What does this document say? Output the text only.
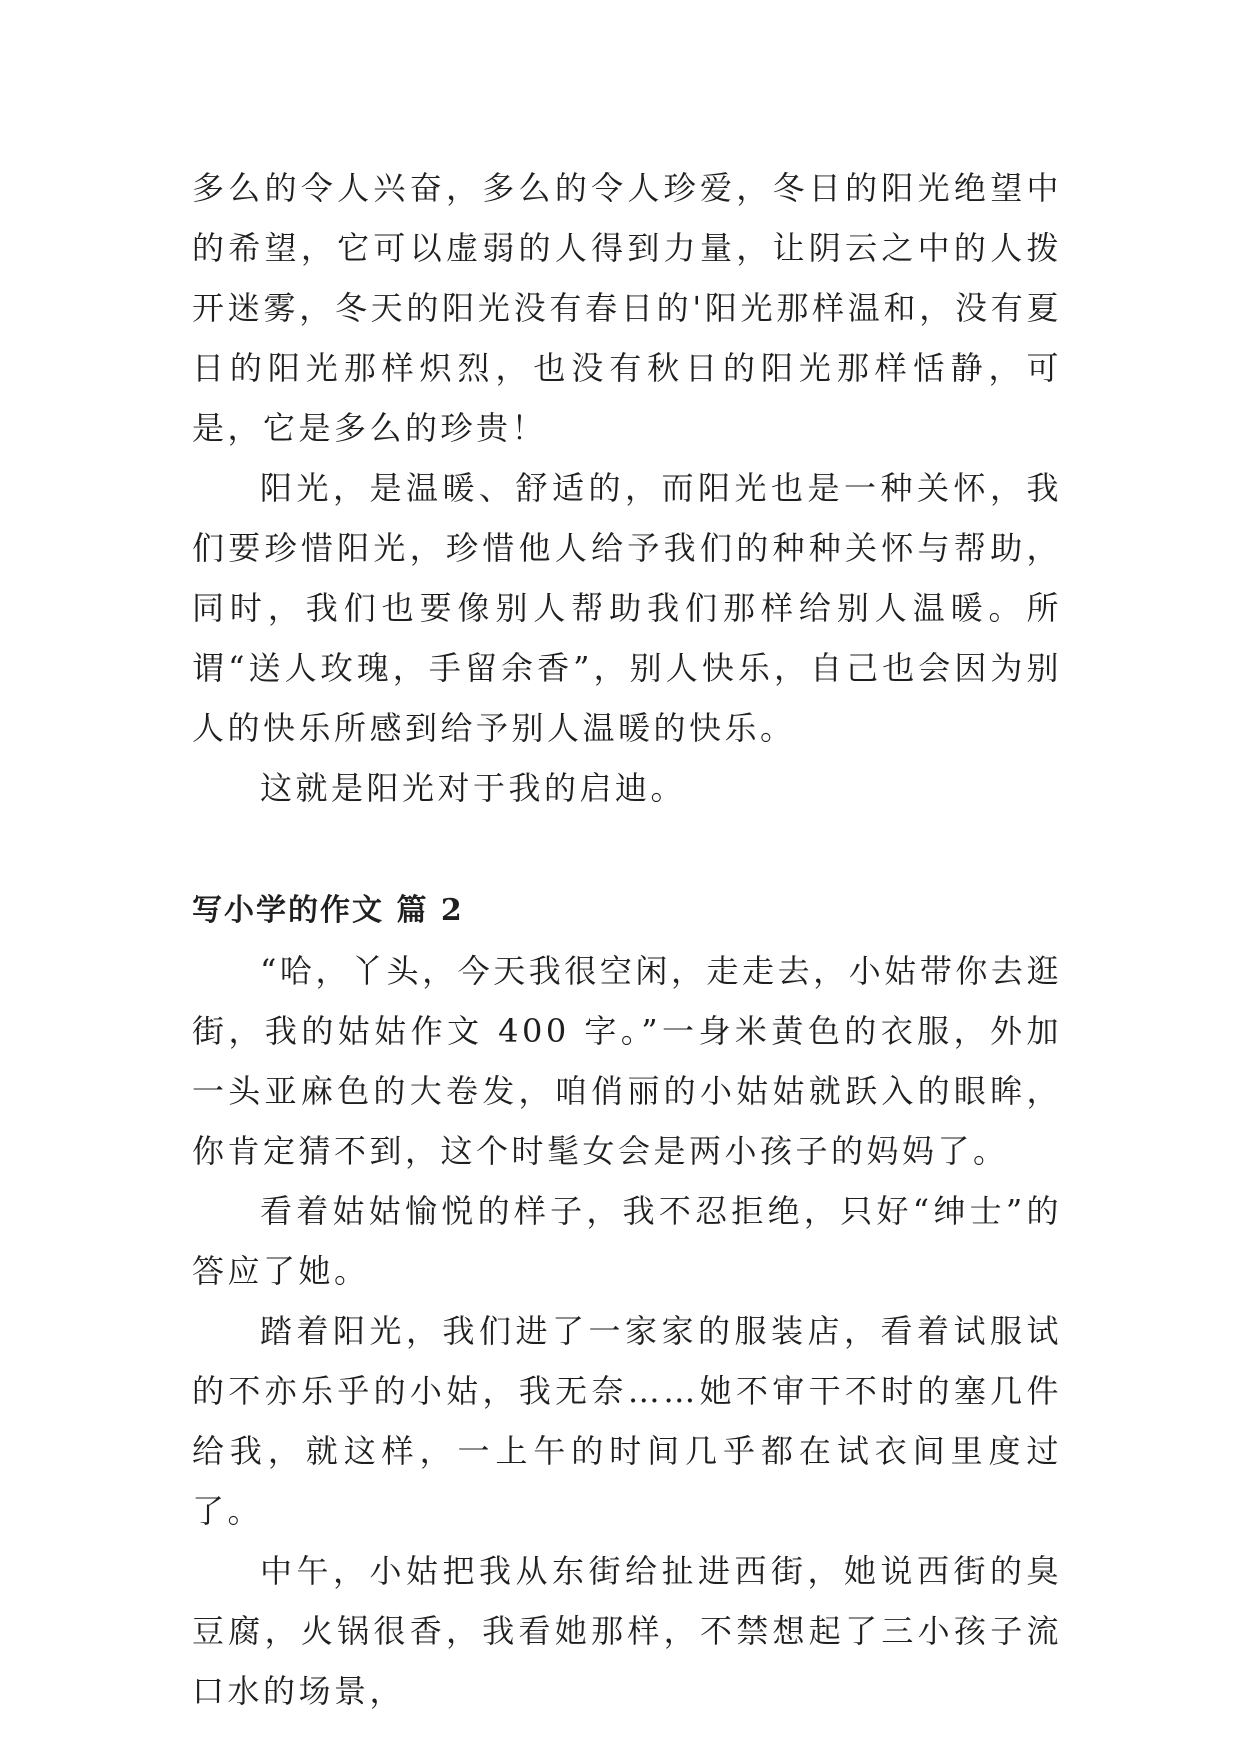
多么的令人兴奋，多么的令人珍爱，冬日的阳光绝望中的希望，它可以虚弱的人得到力量，让阴云之中的人拨开迷雾，冬天的阳光没有春日的'阳光那样温和，没有夏日的阳光那样炽烈，也没有秋日的阳光那样恬静，可是，它是多么的珍贵！

阳光，是温暖、舒适的，而阳光也是一种关怀，我们要珍惜阳光，珍惜他人给予我们的种种关怀与帮助，同时，我们也要像别人帮助我们那样给别人温暖。所谓“送人玫瑰，手留余香”，别人快乐，自己也会因为别人的快乐所感到给予别人温暖的快乐。

这就是阳光对于我的启迪。

写小学的作文 篇 2

“哈，丫头，今天我很空闲，走走去，小姑带你去逛街，我的姑姑作文 400 字。”一身米黄色的衣服，外加一头亚麻色的大卷发，咱俏丽的小姑姑就跃入的眼眸，你肯定猜不到，这个时髦女会是两小孩子的妈妈了。

看着姑姑愉悦的样子，我不忍拒绝，只好“绅士”的答应了她。

踏着阳光，我们进了一家家的服装店，看着试服试的不亦乐乎的小姑，我无奈……她不审干不时的塞几件给我，就这样，一上午的时间几乎都在试衣间里度过了。

中午，小姑把我从东街给扯进西街，她说西街的臭豆腐，火锅很香，我看她那样，不禁想起了三小孩子流口水的场景，
